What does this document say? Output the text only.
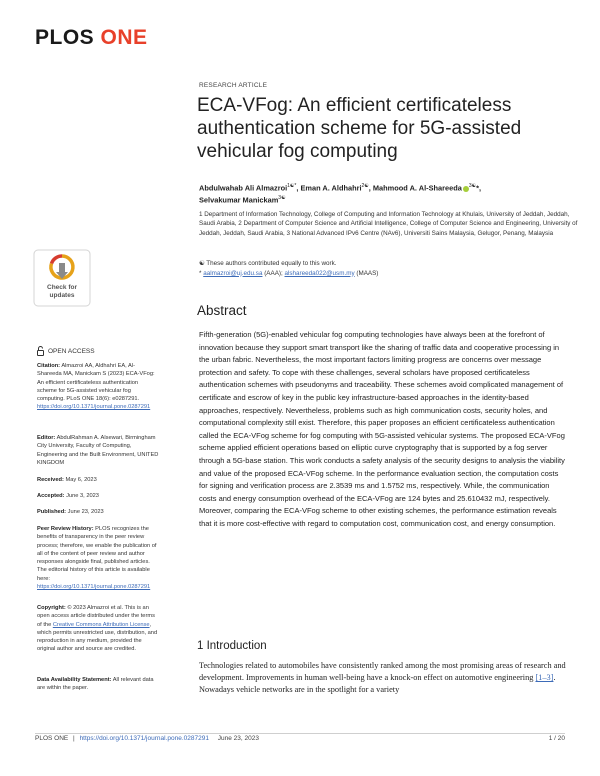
PLOS ONE
RESEARCH ARTICLE
ECA-VFog: An efficient certificateless authentication scheme for 5G-assisted vehicular fog computing
Abdulwahab Ali Almazroi$^{1☯*}$, Eman A. Aldhahri$^{2☯}$, Mahmood A. Al-Shareeda $^{3☯}$*,
Selvakumar Manickam$^{3☯}$
1 Department of Information Technology, College of Computing and Information Technology at Khulais, University of Jeddah, Jeddah, Saudi Arabia, 2 Department of Computer Science and Artificial Intelligence, College of Computer Science and Engineering, University of Jeddah, Jeddah, Saudi Arabia, 3 National Advanced IPv6 Centre (NAv6), Universiti Sains Malaysia, Gelugor, Penang, Malaysia
☯ These authors contributed equally to this work.
* aalmazroi@uj.edu.sa (AAA); alshareeda022@usm.my (MAAS)
Check for
updates
OPEN ACCESS
Citation: Almazroi AA, Aldhahri EA, Al-Shareeda MA, Manickam S (2023) ECA-VFog: An efficient certificateless authentication scheme for 5G-assisted vehicular fog computing. PLoS ONE 18(6): e0287291. https://doi.org/10.1371/journal.pone.0287291
Editor: AbdulRahman A. Alsewari, Birmingham City University, Faculty of Computing, Engineering and the Built Environment, UNITED KINGDOM
Received: May 6, 2023
Accepted: June 3, 2023
Published: June 23, 2023
Peer Review History: PLOS recognizes the benefits of transparency in the peer review process; therefore, we enable the publication of all of the content of peer review and author responses alongside final, published articles. The editorial history of this article is available here: https://doi.org/10.1371/journal.pone.0287291
Copyright: © 2023 Almazroi et al. This is an open access article distributed under the terms of the Creative Commons Attribution License, which permits unrestricted use, distribution, and reproduction in any medium, provided the original author and source are credited.
Data Availability Statement: All relevant data are within the paper.
Abstract

Fifth-generation (5G)-enabled vehicular fog computing technologies have always been at the forefront of innovation because they support smart transport like the sharing of traffic data and cooperative processing in the urban fabric. Nevertheless, the most important factors limiting progress are concerns over message protection and safety. To cope with these challenges, several scholars have proposed certificateless authentication schemes with pseudonyms and traceability. These schemes avoid complicated management of certificate and escrow of key in the public key infrastructure-based approaches in the identity-based approaches, respectively. Nevertheless, problems such as high communication costs, security holes, and computational complexity still exist. Therefore, this paper proposes an efficient certificateless authentication called the ECA-VFog scheme for fog computing with 5G-assisted vehicular systems. The proposed ECA-VFog scheme applied efficient operations based on elliptic curve cryptography that is supported by a fog server through a 5G-base station. This work conducts a safety analysis of the security designs to analysis the viability and value of the proposed ECA-VFog scheme. In the performance evaluation section, the computation costs for signing and verification process are 2.3539 ms and 1.5752 ms, respectively. While, the communication costs and energy consumption overhead of the ECA-VFog are 124 bytes and 25.610432 mJ, respectively. Moreover, comparing the ECA-VFog scheme to other existing schemes, the performance estimation reveals that it is more cost-effective with regard to computation cost, communication cost, and energy consumption.

1 Introduction
Technologies related to automobiles have consistently ranked among the most promising areas of research and development. Improvements in human well-being have a knock-on effect on automotive engineering [1–3]. Nowadays vehicle networks are in the spotlight for a variety
PLOS ONE | https://doi.org/10.1371/journal.pone.0287291 June 23, 2023	1 / 20
